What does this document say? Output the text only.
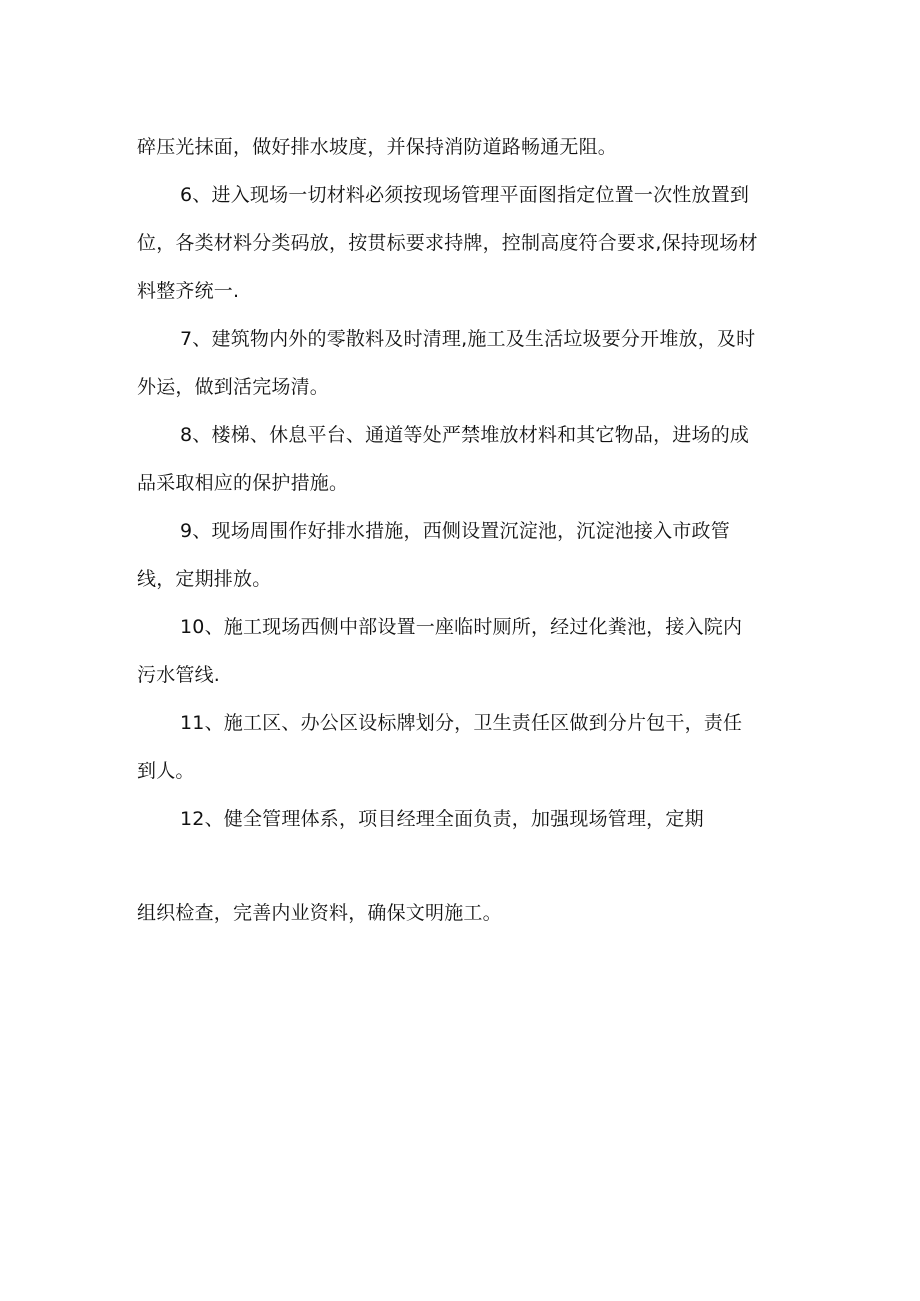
碎压光抹面，做好排水坡度，并保持消防道路畅通无阻。

6、进入现场一切材料必须按现场管理平面图指定位置一次性放置到

位，各类材料分类码放，按贯标要求持牌，控制高度符合要求,保持现场材

料整齐统一.

7、建筑物内外的零散料及时清理,施工及生活垃圾要分开堆放，及时

外运，做到活完场清。

8、楼梯、休息平台、通道等处严禁堆放材料和其它物品，进场的成

品采取相应的保护措施。

9、现场周围作好排水措施，西侧设置沉淀池，沉淀池接入市政管

线，定期排放。

10、施工现场西侧中部设置一座临时厕所，经过化粪池，接入院内

污水管线.

11、施工区、办公区设标牌划分，卫生责任区做到分片包干，责任

到人。

12、健全管理体系，项目经理全面负责，加强现场管理，定期

组织检查，完善内业资料，确保文明施工。
